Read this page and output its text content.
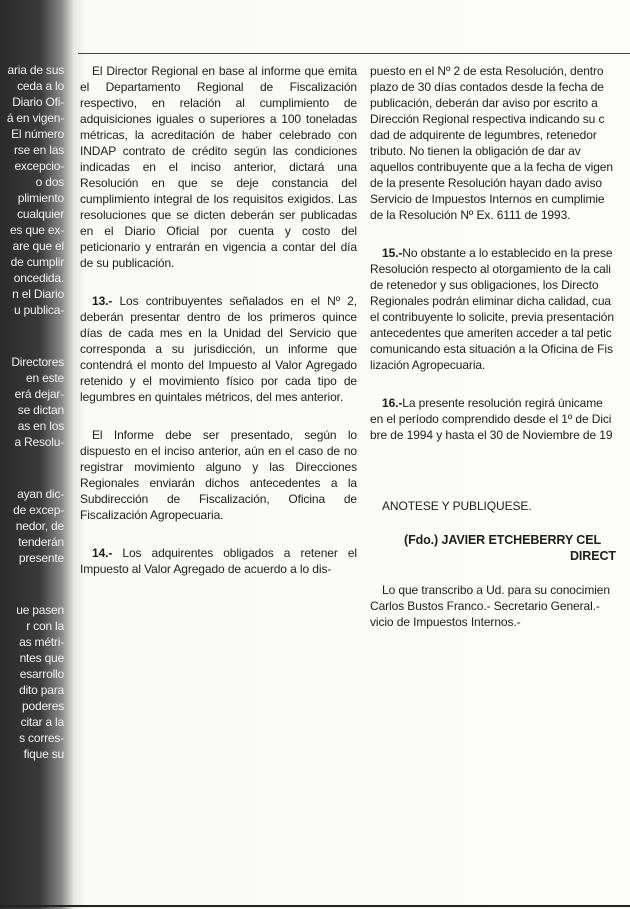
aria de sus
ceda a lo
Diario Ofi-
á en vigen-
El número
rse en las
excepcio-
o dos
plimiento
cualquier
es que ex-
are que el
de cumplir
oncedida.
n el Diario
u publica-
Directores
en este
erá dejar-
se dictan
as en los
a Resolu-
ayan dic-
de excep-
nedor, de
tenderán
presente
ue pasen
r con la
as métri-
ntes que
esarrollo
dito para
poderes
citar a la
s corres-
fique su

El Director Regional en base al informe que emita el Departamento Regional de Fiscalización respectivo, en relación al cumplimiento de adquisiciones iguales o superiores a 100 toneladas métricas, la acreditación de haber celebrado con INDAP contrato de crédito según las condiciones indicadas en el inciso anterior, dictará una Resolución en que se deje constancia del cumplimiento integral de los requisitos exigidos. Las resoluciones que se dicten deberán ser publicadas en el Diario Oficial por cuenta y costo del peticionario y entrarán en vigencia a contar del día de su publicación.

13.- Los contribuyentes señalados en el Nº 2, deberán presentar dentro de los primeros quince días de cada mes en la Unidad del Servicio que corresponda a su jurisdicción, un informe que contendrá el monto del Impuesto al Valor Agregado retenido y el movimiento físico por cada tipo de legumbres en quintales métricos, del mes anterior.

El Informe debe ser presentado, según lo dispuesto en el inciso anterior, aún en el caso de no registrar movimiento alguno y las Direcciones Regionales enviarán dichos antecedentes a la Subdirección de Fiscalización, Oficina de Fiscalización Agropecuaria.

14.- Los adquirentes obligados a retener el Impuesto al Valor Agregado de acuerdo a lo dis-

puesto en el Nº 2 de esta Resolución, dentro
plazo de 30 días contados desde la fecha de
publicación, deberán dar aviso por escrito a
Dirección Regional respectiva indicando su c
dad de adquirente de legumbres, retenedor
tributo. No tienen la obligación de dar av
aquellos contribuyente que a la fecha de vigen
de la presente Resolución hayan dado aviso
Servicio de Impuestos Internos en cumplimie
de la Resolución Nº Ex. 6111 de 1993.
15.-No obstante a lo establecido en la prese
Resolución respecto al otorgamiento de la cali
de retenedor y sus obligaciones, los Directo
Regionales podrán eliminar dicha calidad, cua
el contribuyente lo solicite, previa presentación
antecedentes que ameriten acceder a tal petic
comunicando esta situación a la Oficina de Fis
lización Agropecuaria.
16.-La presente resolución regirá únicame
en el período comprendido desde el 1º de Dici
bre de 1994 y hasta el 30 de Noviembre de 19
ANOTESE Y PUBLIQUESE.
(Fdo.) JAVIER ETCHEBERRY CEL
DIRECT
Lo que transcribo a Ud. para su conocimien
Carlos Bustos Franco.- Secretario General.-
vicio de Impuestos Internos.-
